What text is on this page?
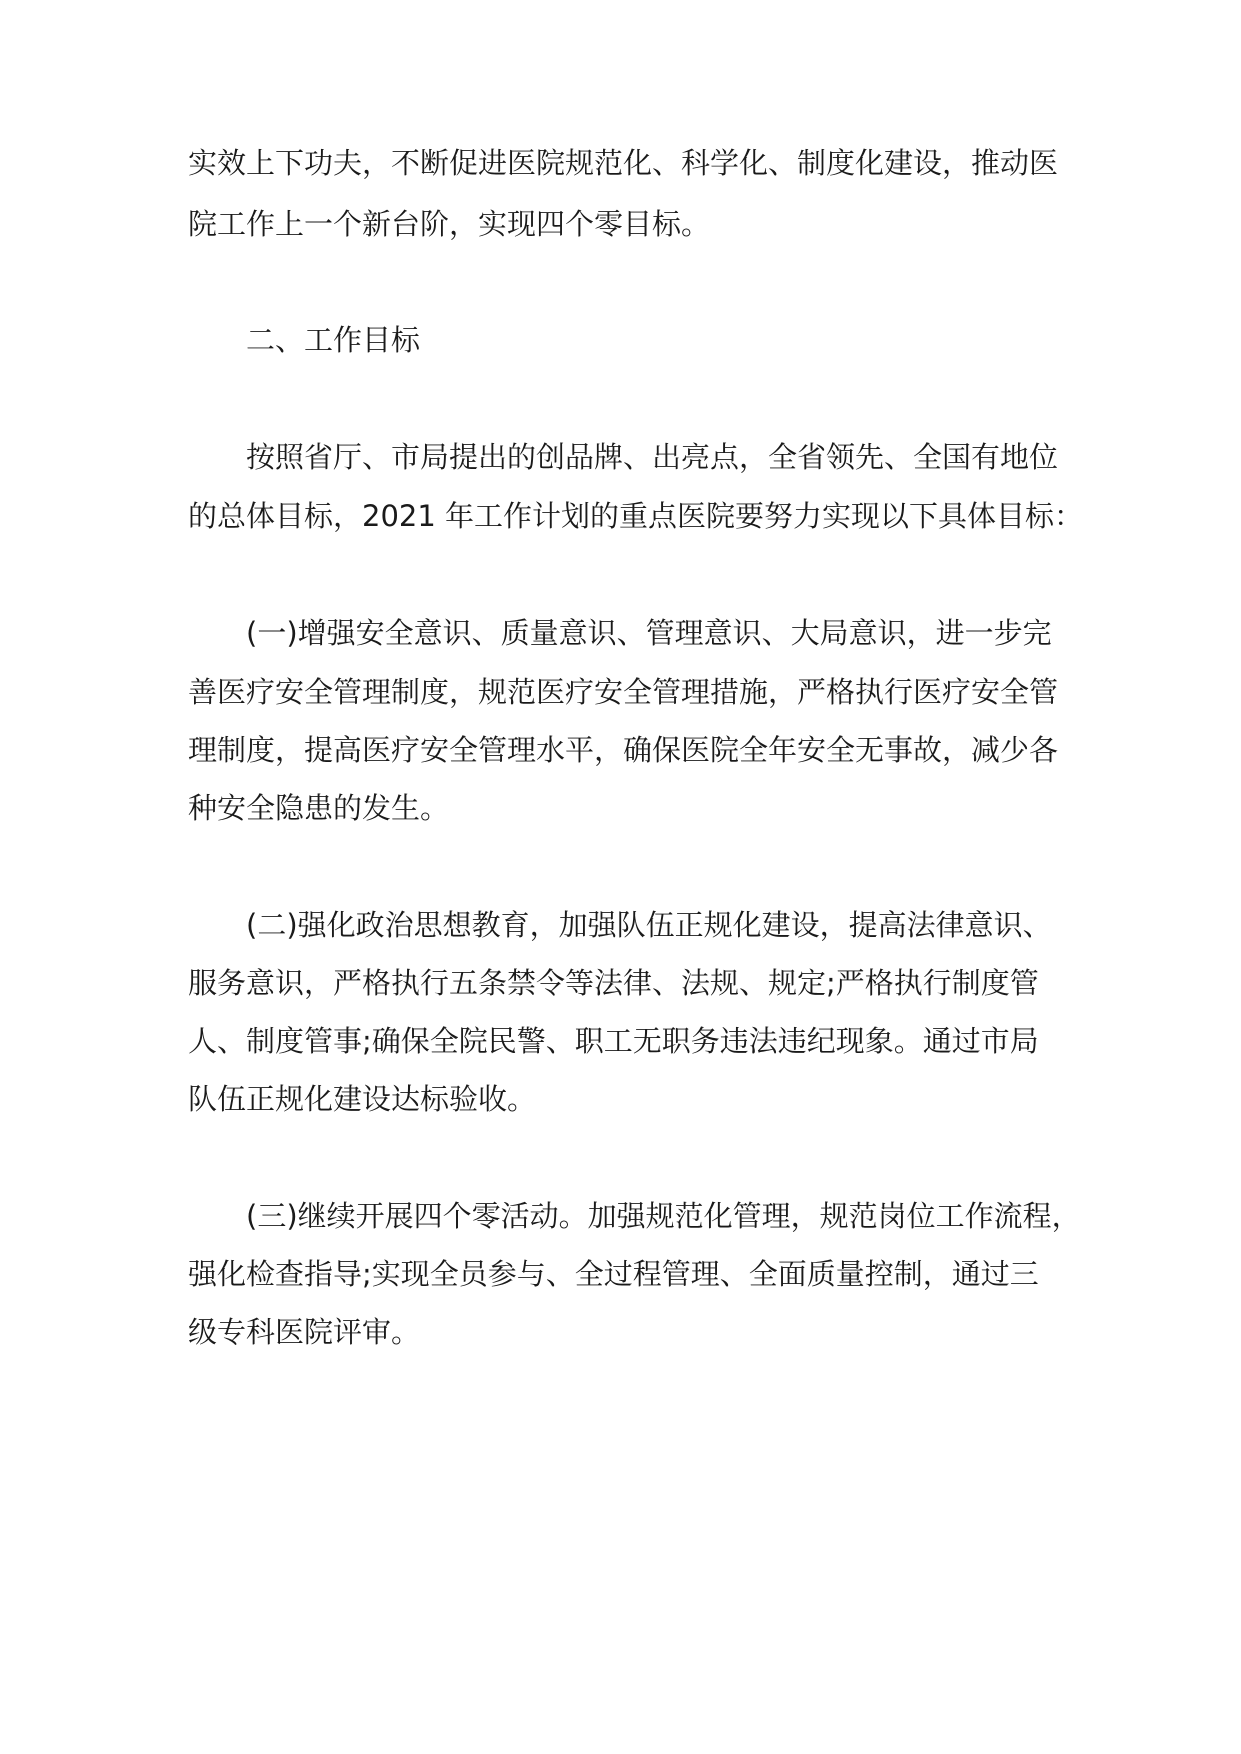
实效上下功夫，不断促进医院规范化、科学化、制度化建设，推动医
院工作上一个新台阶，实现四个零目标。
二、工作目标
按照省厅、市局提出的创品牌、出亮点，全省领先、全国有地位
的总体目标，2021 年工作计划的重点医院要努力实现以下具体目标：
(一)增强安全意识、质量意识、管理意识、大局意识，进一步完
善医疗安全管理制度，规范医疗安全管理措施，严格执行医疗安全管
理制度，提高医疗安全管理水平，确保医院全年安全无事故，减少各
种安全隐患的发生。
(二)强化政治思想教育，加强队伍正规化建设，提高法律意识、
服务意识，严格执行五条禁令等法律、法规、规定;严格执行制度管
人、制度管事;确保全院民警、职工无职务违法违纪现象。通过市局
队伍正规化建设达标验收。
(三)继续开展四个零活动。加强规范化管理，规范岗位工作流程，
强化检查指导;实现全员参与、全过程管理、全面质量控制，通过三
级专科医院评审。
